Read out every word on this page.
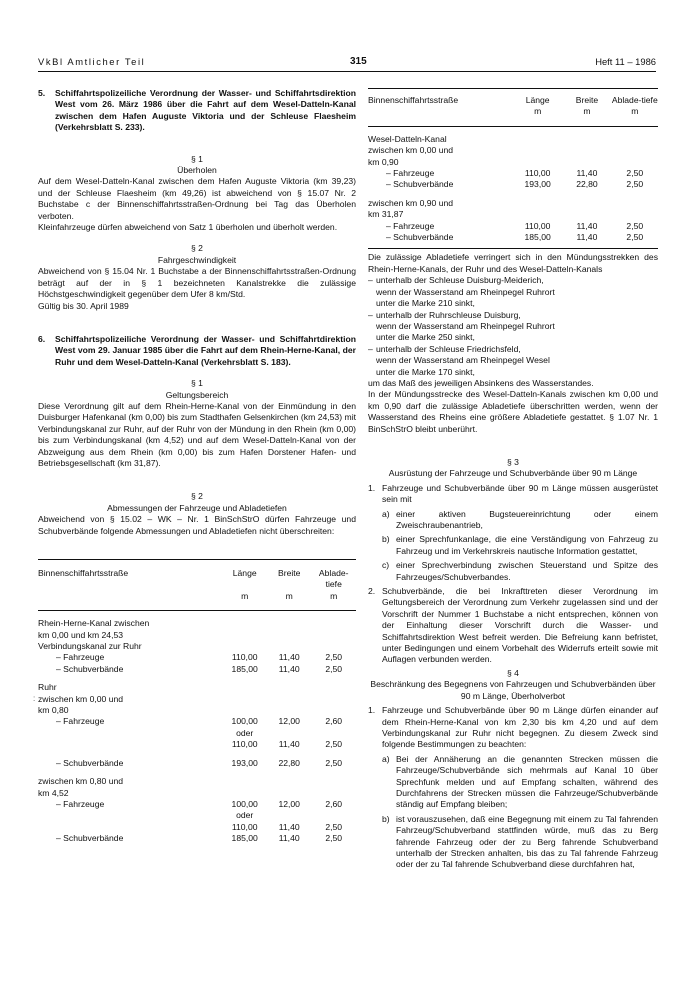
VkBl Amtlicher Teil	315	Heft 11 – 1986
:
5.	Schiffahrtspolizeiliche Verordnung der Wasser- und Schiffahrtsdirektion West vom 26. März 1986 über die Fahrt auf dem Wesel-Datteln-Kanal zwischen dem Hafen Auguste Viktoria und der Schleuse Flaesheim (Verkehrsblatt S. 233).

§ 1

Überholen

Auf dem Wesel-Datteln-Kanal zwischen dem Hafen Auguste Viktoria (km 39,23) und der Schleuse Flaesheim (km 49,26) ist abweichend von § 15.07 Nr. 2 Buchstabe c der Binnenschiffahrtsstraßen-Ordnung bei Tag das Überholen verboten.

Kleinfahrzeuge dürfen abweichend von Satz 1 überholen und überholt werden.

§ 2

Fahrgeschwindigkeit

Abweichend von § 15.04 Nr. 1 Buchstabe a der Binnenschiffahrtsstraßen-Ordnung beträgt auf der in § 1 bezeichneten Kanalstrekke die zulässige Höchstgeschwindigkeit gegenüber dem Ufer 8 km/Std.

Gültig bis 30. April 1989

6.	Schiffahrtspolizeiliche Verordnung der Wasser- und Schiffahrtdirektion West vom 29. Januar 1985 über die Fahrt auf dem Rhein-Herne-Kanal, der Ruhr und dem Wesel-Datteln-Kanal (Verkehrsblatt S. 183).

§ 1

Geltungsbereich

Diese Verordnung gilt auf dem Rhein-Herne-Kanal von der Einmündung in den Duisburger Hafenkanal (km 0,00) bis zum Stadthafen Gelsenkirchen (km 24,53) mit Verbindungskanal zur Ruhr, auf der Ruhr von der Mündung in den Rhein (km 0,00) bis zum Verbindungskanal (km 4,52) und auf dem Wesel-Datteln-Kanal von der Abzweigung aus dem Rhein (km 0,00) bis zum Hafen Dorstener Hafen- und Betriebsgesellschaft (km 31,87).

§ 2

Abmessungen der Fahrzeuge und Abladetiefen

Abweichend von § 15.02 – WK – Nr. 1 BinSchStrO dürfen Fahrzeuge und Schubverbände folgende Abmessungen und Abladetiefen nicht überschreiten:

Binnenschiffahrtsstraße	Länge	Breite	Ablade-tiefe
	m	m	m

Rhein-Herne-Kanal zwischen			
km 0,00 und km 24,53			
Verbindungskanal zur Ruhr			
– Fahrzeuge	110,00	11,40	2,50
– Schubverbände	185,00	11,40	2,50

Ruhr			
zwischen km 0,00 und			
km 0,80			
– Fahrzeuge	100,00	12,00	2,60
	oder		
	110,00	11,40	2,50

– Schubverbände	193,00	22,80	2,50

zwischen km 0,80 und			
km 4,52			
– Fahrzeuge	100,00	12,00	2,60
	oder		
	110,00	11,40	2,50
– Schubverbände	185,00	11,40	2,50
Binnenschiffahrtsstraße	Länge	Breite	Ablade-tiefe
	m	m	m

Wesel-Datteln-Kanal			
zwischen km 0,00 und			
km 0,90			
– Fahrzeuge	110,00	11,40	2,50
– Schubverbände	193,00	22,80	2,50

zwischen km 0,90 und			
km 31,87			
– Fahrzeuge	110,00	11,40	2,50
– Schubverbände	185,00	11,40	2,50

Die zulässige Abladetiefe verringert sich in den Mündungsstrekken des Rhein-Herne-Kanals, der Ruhr und des Wesel-Datteln-Kanals

– unterhalb der Schleuse Duisburg-Meiderich,
wenn der Wasserstand am Rheinpegel Ruhrort
unter die Marke 210 sinkt,
– unterhalb der Ruhrschleuse Duisburg,
wenn der Wasserstand am Rheinpegel Ruhrort
unter die Marke 250 sinkt,
– unterhalb der Schleuse Friedrichsfeld,
wenn der Wasserstand am Rheinpegel Wesel
unter die Marke 170 sinkt,

um das Maß des jeweiligen Absinkens des Wasserstandes.

In der Mündungsstrecke des Wesel-Datteln-Kanals zwischen km 0,00 und km 0,90 darf die zulässige Abladetiefe überschritten werden, wenn der Wasserstand des Rheins eine größere Abladetiefe gestattet. § 1.07 Nr. 1 BinSchStrO bleibt unberührt.

§ 3

Ausrüstung der Fahrzeuge und Schubverbände über 90 m Länge

1. Fahrzeuge und Schubverbände über 90 m Länge müssen ausgerüstet sein mit
a) einer aktiven Bugsteuereinrichtung oder einem Zweischraubenantrieb,
b) einer Sprechfunkanlage, die eine Verständigung von Fahrzeug zu Fahrzeug und im Verkehrskreis nautische Information gestattet,
c) einer Sprechverbindung zwischen Steuerstand und Spitze des Fahrzeuges/Schubverbandes.
2. Schubverbände, die bei Inkrafttreten dieser Verordnung im Geltungsbereich der Verordnung zum Verkehr zugelassen sind und der Vorschrift der Nummer 1 Buchstabe a nicht entsprechen, können von der Einhaltung dieser Vorschrift durch die Wasser- und Schiffahrtsdirektion West befreit werden. Die Befreiung kann befristet, unter Bedingungen und einem Vorbehalt des Widerrufs erteilt sowie mit Auflagen verbunden werden.

§ 4

Beschränkung des Begegnens von Fahrzeugen und Schubverbänden über 90 m Länge, Überholverbot

1. Fahrzeuge und Schubverbände über 90 m Länge dürfen einander auf dem Rhein-Herne-Kanal von km 2,30 bis km 4,20 und auf dem Verbindungskanal zur Ruhr nicht begegnen. Zu diesem Zweck sind folgende Bestimmungen zu beachten:
a) Bei der Annäherung an die genannten Strecken müssen die Fahrzeuge/Schubverbände sich mehrmals auf Kanal 10 über Sprechfunk melden und auf Empfang schalten, während des Durchfahrens der Strecken müssen die Fahrzeuge/Schubverbände ständig auf Empfang bleiben;
b) ist vorauszusehen, daß eine Begegnung mit einem zu Tal fahrenden Fahrzeug/Schubverband stattfinden würde, muß das zu Berg fahrende Fahrzeug oder der zu Berg fahrende Schubverband unterhalb der Strecken anhalten, bis das zu Tal fahrende Fahrzeug oder der zu Tal fahrende Schubverband diese durchfahren hat,
